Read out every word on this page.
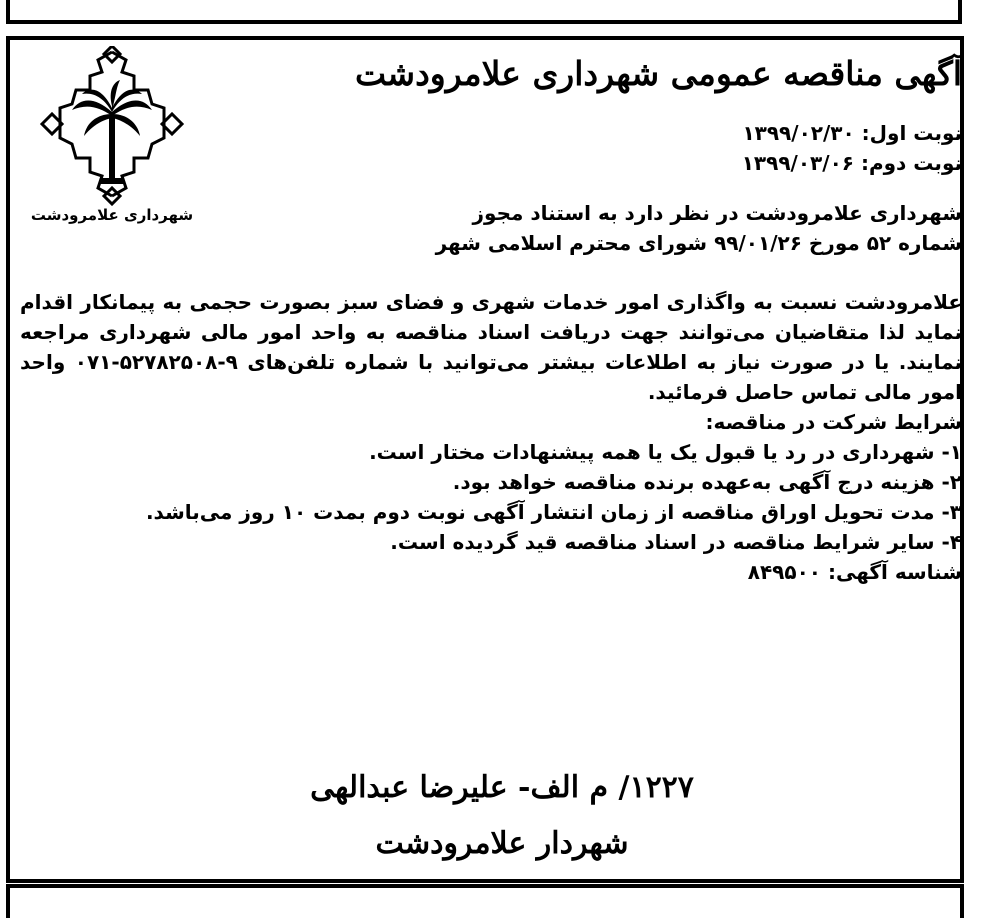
شهرداری علامرودشت
آگهی مناقصه عمومی شهرداری علامرودشت
نوبت اول: ۱۳۹۹/۰۲/۳۰
نوبت دوم: ۱۳۹۹/۰۳/۰۶
شهرداری علامرودشت در نظر دارد به استناد مجوز
شماره ۵۲ مورخ ۹۹/۰۱/۲۶ شورای محترم اسلامی شهر

علامرودشت نسبت به واگذاری امور خدمات شهری و فضای سبز بصورت حجمی به پیمانکار اقدام نماید لذا متقاضیان می‌توانند جهت دریافت اسناد مناقصه به واحد امور مالی شهرداری مراجعه نمایند. یا در صورت نیاز به اطلاعات بیشتر می‌توانید با شماره تلفن‌های ۹-۵۲۷۸۲۵۰۸-۰۷۱ واحد امور مالی تماس حاصل فرمائید.

شرایط شرکت در مناقصه:

۱- شهرداری در رد یا قبول یک یا همه پیشنهادات مختار است.

۲- هزینه درج آگهی به‌عهده برنده مناقصه خواهد بود.

۳- مدت تحویل اوراق مناقصه از زمان انتشار آگهی نوبت دوم بمدت ۱۰ روز می‌باشد.

۴- سایر شرایط مناقصه در اسناد مناقصه قید گردیده است.

شناسه آگهی: ۸۴۹۵۰۰

۱۲۲۷/ م الف- علیرضا عبدالهی
شهردار علامرودشت
